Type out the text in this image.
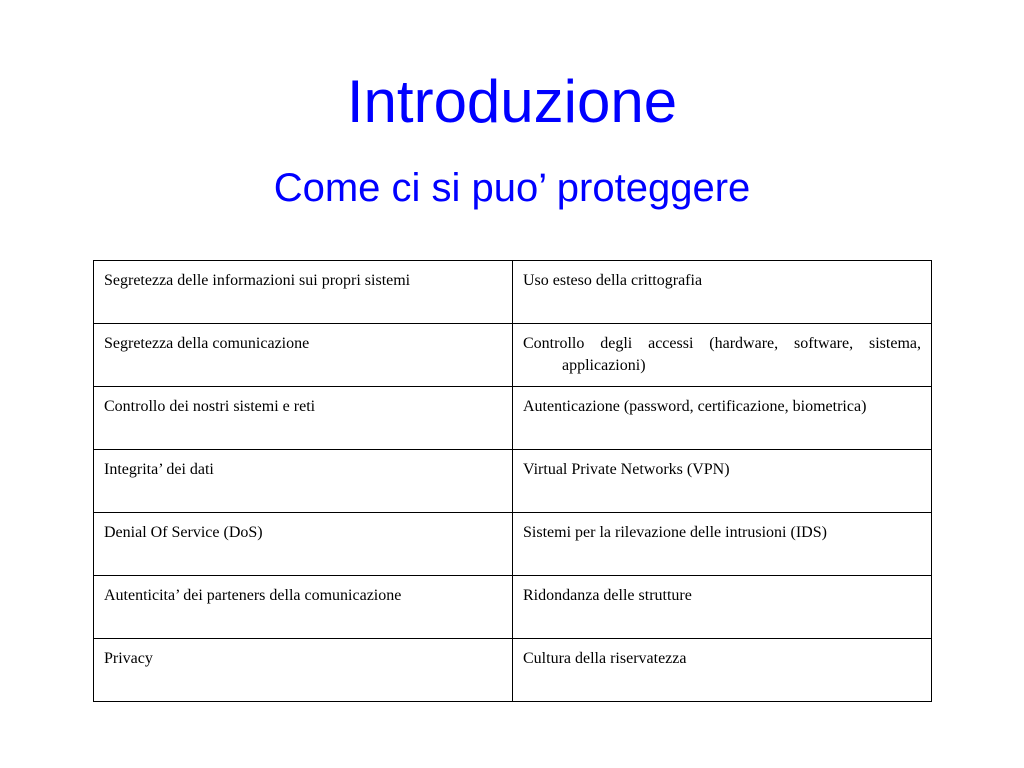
Introduzione
Come ci si puo’ proteggere
Segretezza delle informazioni sui propri sistemi	Uso esteso della crittografia

Segretezza della comunicazione	Controllo degli accessi (hardware, software, sistema, applicazioni)

Controllo dei nostri sistemi e reti	Autenticazione (password, certificazione, biometrica)

Integrita’ dei dati	Virtual Private Networks (VPN)

Denial Of Service (DoS)	Sistemi per la rilevazione delle intrusioni (IDS)

Autenticita’ dei parteners della comunicazione	Ridondanza delle strutture

Privacy	Cultura della riservatezza
